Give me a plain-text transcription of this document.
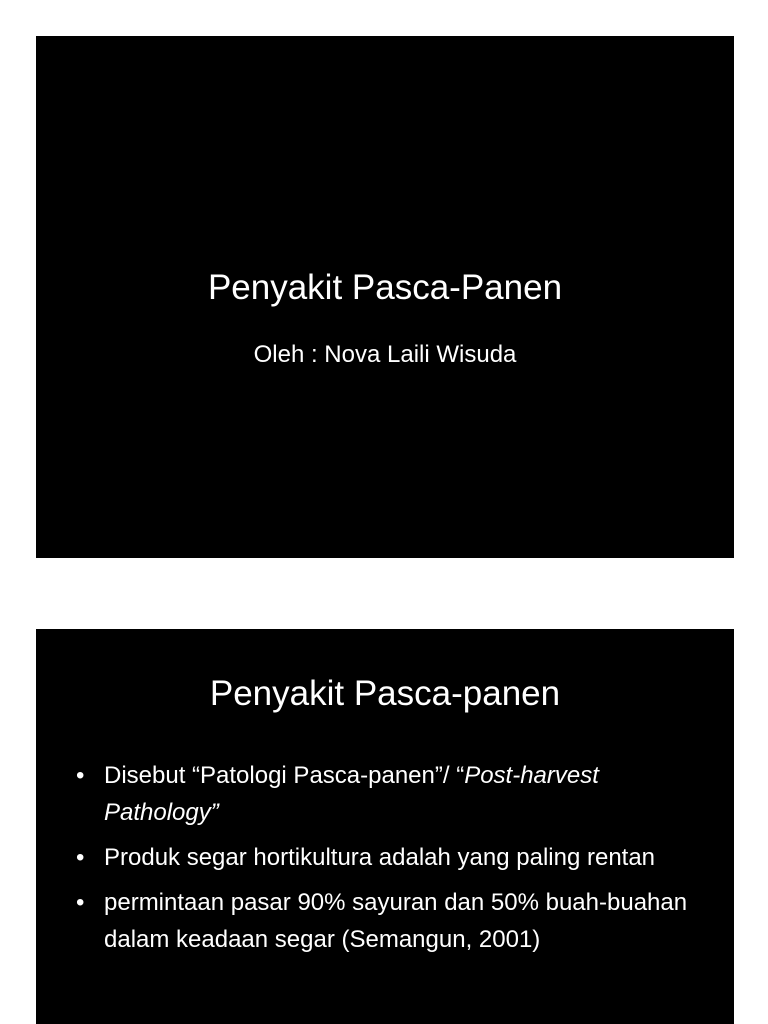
Penyakit Pasca-Panen

Oleh : Nova Laili Wisuda

Penyakit Pasca-panen
• Disebut “Patologi Pasca-panen”/ “Post-harvest Pathology”
• Produk segar hortikultura adalah yang paling rentan
• permintaan pasar 90% sayuran dan 50% buah-buahan dalam keadaan segar (Semangun, 2001)
